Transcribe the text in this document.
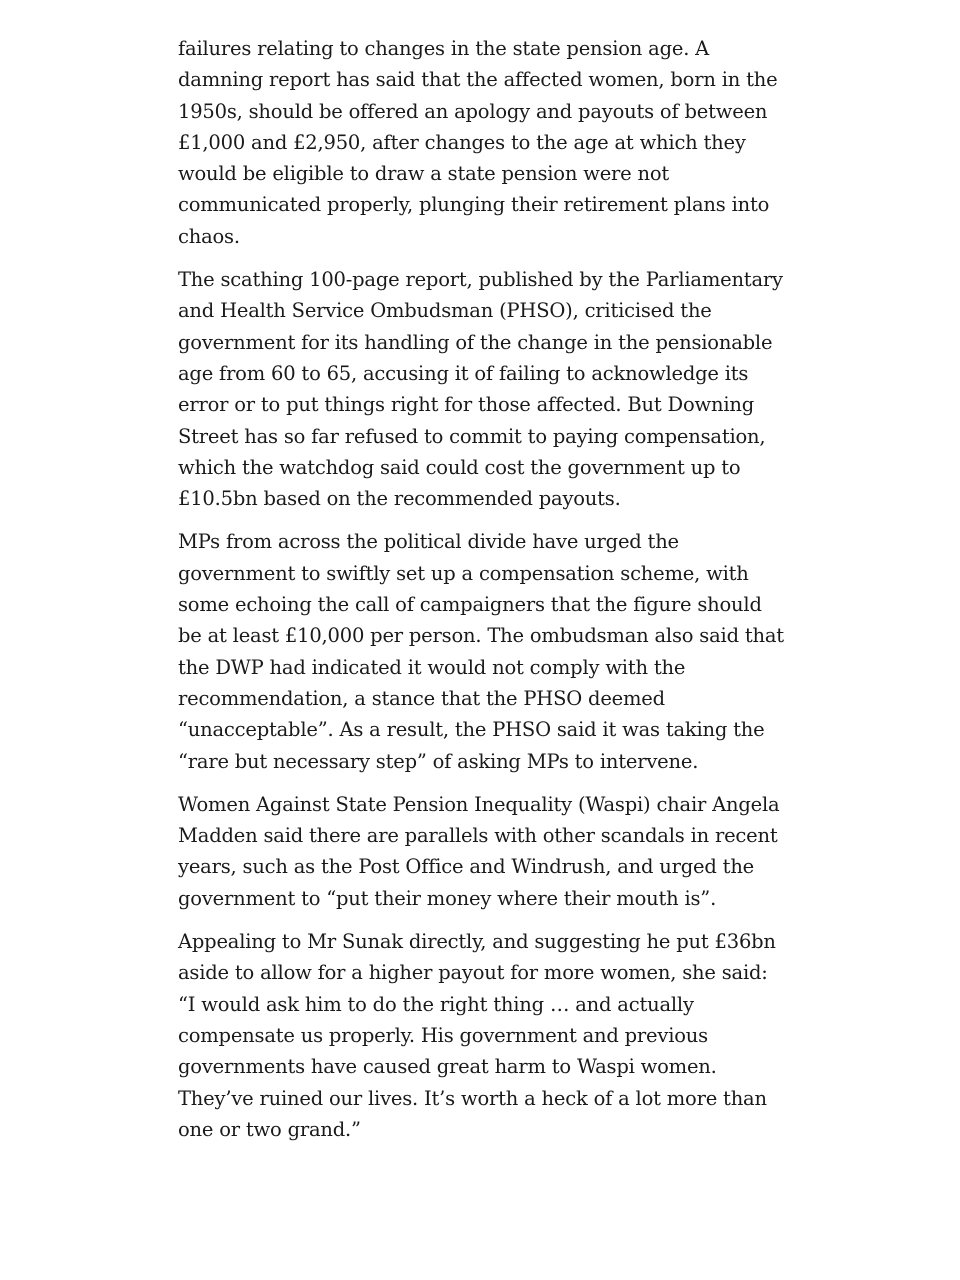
failures relating to changes in the state pension age. A damning report has said that the affected women, born in the 1950s, should be offered an apology and payouts of between £1,000 and £2,950, after changes to the age at which they would be eligible to draw a state pension were not communicated properly, plunging their retirement plans into chaos.

The scathing 100-page report, published by the Parliamentary and Health Service Ombudsman (PHSO), criticised the government for its handling of the change in the pensionable age from 60 to 65, accusing it of failing to acknowledge its error or to put things right for those affected. But Downing Street has so far refused to commit to paying compensation, which the watchdog said could cost the government up to £10.5bn based on the recommended payouts.

MPs from across the political divide have urged the government to swiftly set up a compensation scheme, with some echoing the call of campaigners that the figure should be at least £10,000 per person. The ombudsman also said that the DWP had indicated it would not comply with the recommendation, a stance that the PHSO deemed “unacceptable”. As a result, the PHSO said it was taking the “rare but necessary step” of asking MPs to intervene.

Women Against State Pension Inequality (Waspi) chair Angela Madden said there are parallels with other scandals in recent years, such as the Post Office and Windrush, and urged the government to “put their money where their mouth is”.

Appealing to Mr Sunak directly, and suggesting he put £36bn aside to allow for a higher payout for more women, she said: “I would ask him to do the right thing … and actually compensate us properly. His government and previous governments have caused great harm to Waspi women. They’ve ruined our lives. It’s worth a heck of a lot more than one or two grand.”
